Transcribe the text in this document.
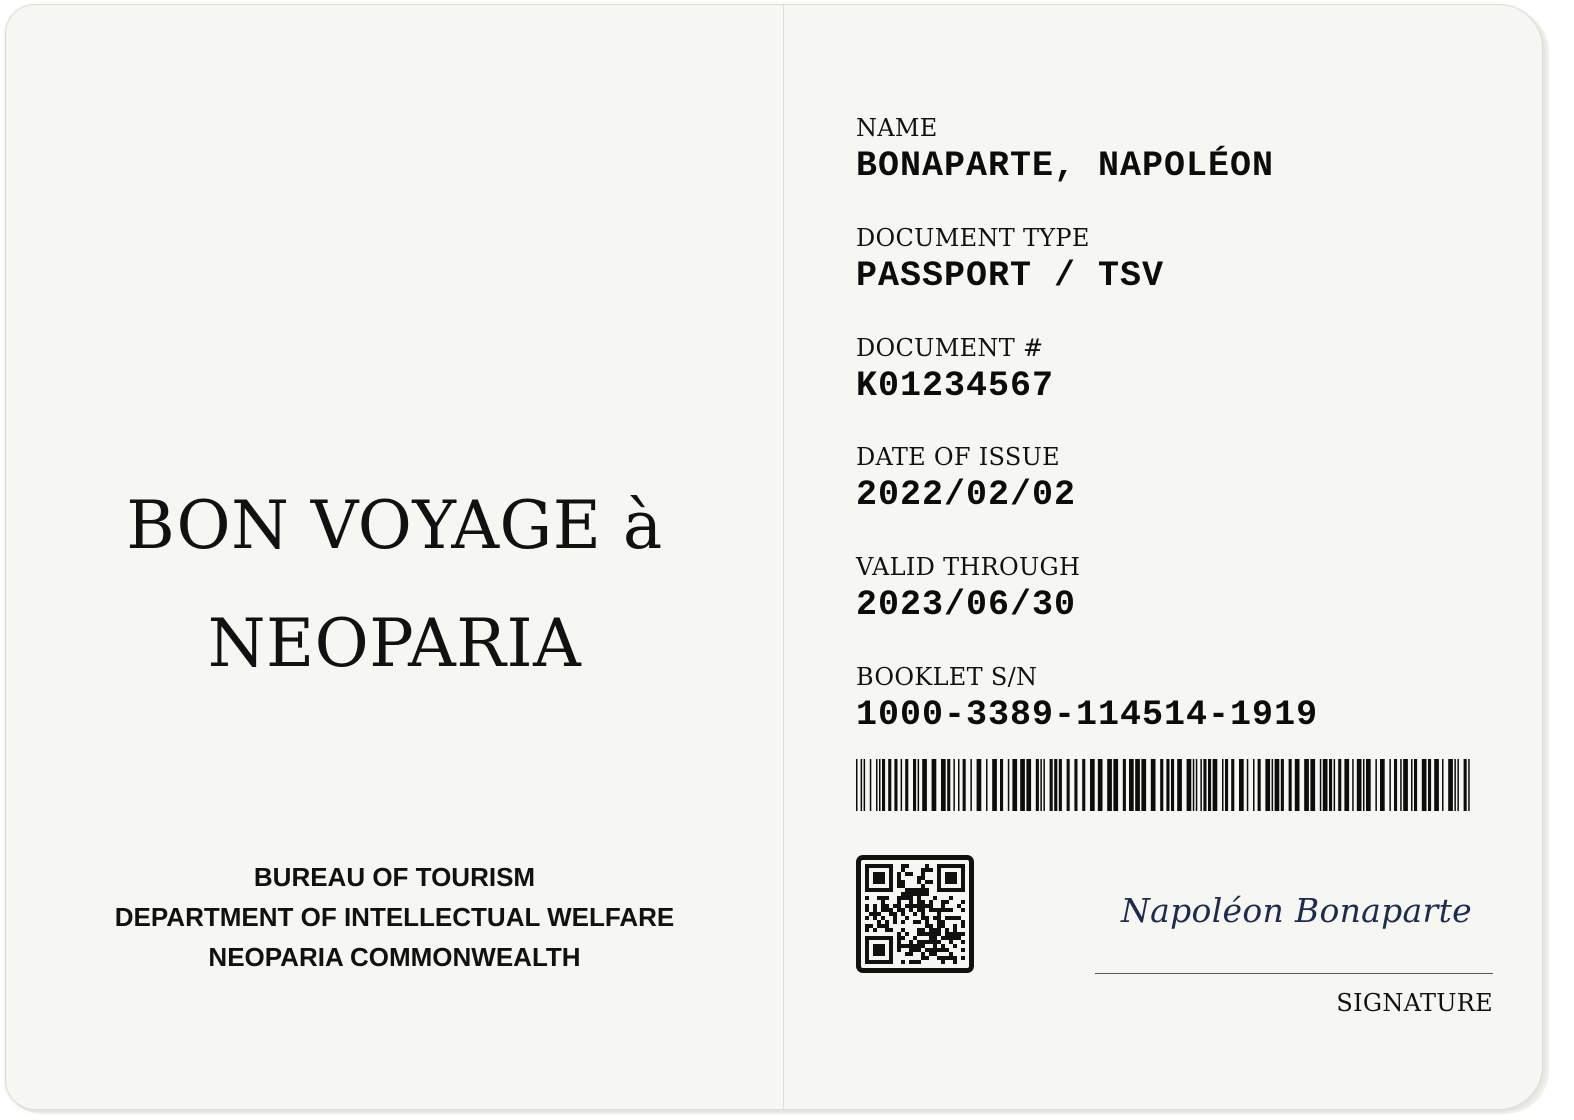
BON VOYAGE à
NEOPARIA
BUREAU OF TOURISM
DEPARTMENT OF INTELLECTUAL WELFARE
NEOPARIA COMMONWEALTH
NAME
BONAPARTE, NAPOLÉON
DOCUMENT TYPE
PASSPORT / TSV
DOCUMENT #
K01234567
DATE OF ISSUE
2022/02/02
VALID THROUGH
2023/06/30
BOOKLET S/N
1000-3389-114514-1919
Napoléon Bonaparte
SIGNATURE
